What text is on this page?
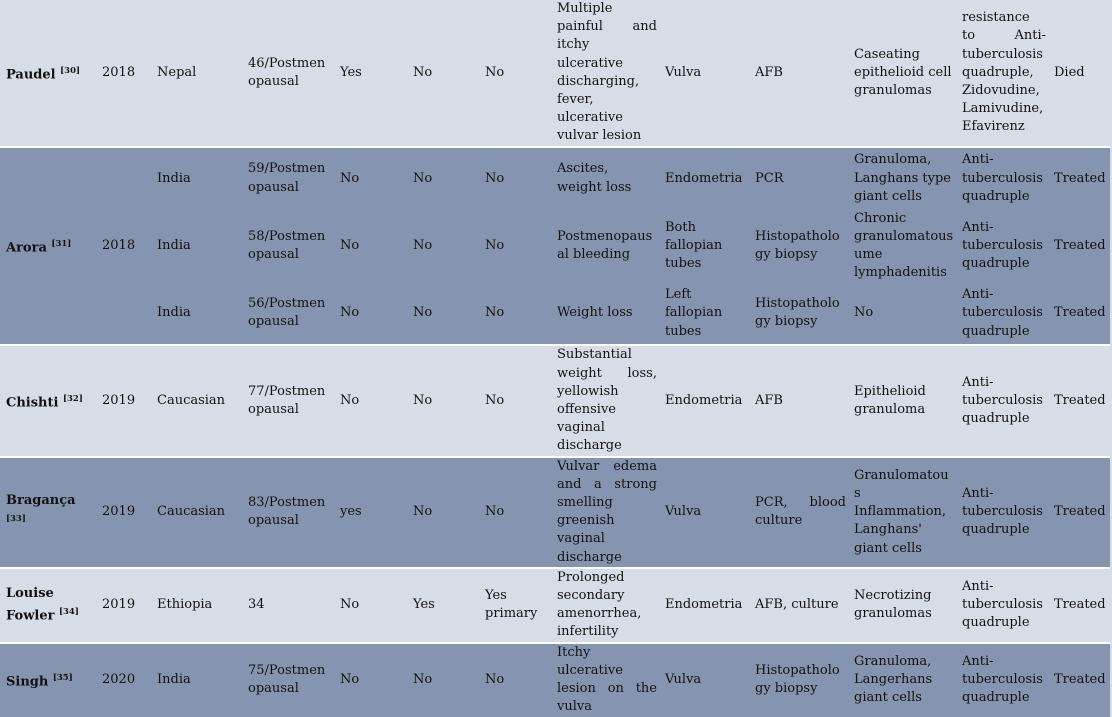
Paudel [30]	2018	Nepal	46/Postmen opausal	Yes	No	No	Multiple painful and itchy ulcerative discharging, fever, ulcerative vulvar lesion	Vulva	AFB	Caseating epithelioid cell granulomas	resistance to Anti-tuberculosis quadruple, Zidovudine, Lamivudine, Efavirenz	Died
Arora [31]	2018	India	59/Postmen opausal	No	No	No	Ascites, weight loss	Endometria	PCR	Granuloma, Langhans type giant cells	Anti-tuberculosis quadruple	Treated
		India	58/Postmen opausal	No	No	No	Postmenopaus al bleeding	Both fallopian tubes	Histopatholo gy biopsy	Chronic granulomatous ume lymphadenitis	Anti-tuberculosis quadruple	Treated
		India	56/Postmen opausal	No	No	No	Weight loss	Left fallopian tubes	Histopatholo gy biopsy	No	Anti-tuberculosis quadruple	Treated
Chishti [32]	2019	Caucasian	77/Postmen opausal	No	No	No	Substantial weight loss, yellowish offensive vaginal discharge	Endometria	AFB	Epithelioid granuloma	Anti-tuberculosis quadruple	Treated
Bragança [33]	2019	Caucasian	83/Postmen opausal	yes	No	No	Vulvar edema and a strong smelling greenish vaginal discharge	Vulva	PCR, blood culture	Granulomatous Inflammation, Langhans' giant cells	Anti-tuberculosis quadruple	Treated
Louise Fowler [34]	2019	Ethiopia	34	No	Yes	Yes primary	Prolonged secondary amenorrhea, infertility	Endometria	AFB, culture	Necrotizing granulomas	Anti-tuberculosis quadruple	Treated
Singh [35]	2020	India	75/Postmen opausal	No	No	No	Itchy ulcerative lesion on the vulva	Vulva	Histopatholo gy biopsy	Granuloma, Langerhans giant cells	Anti-tuberculosis quadruple	Treated
